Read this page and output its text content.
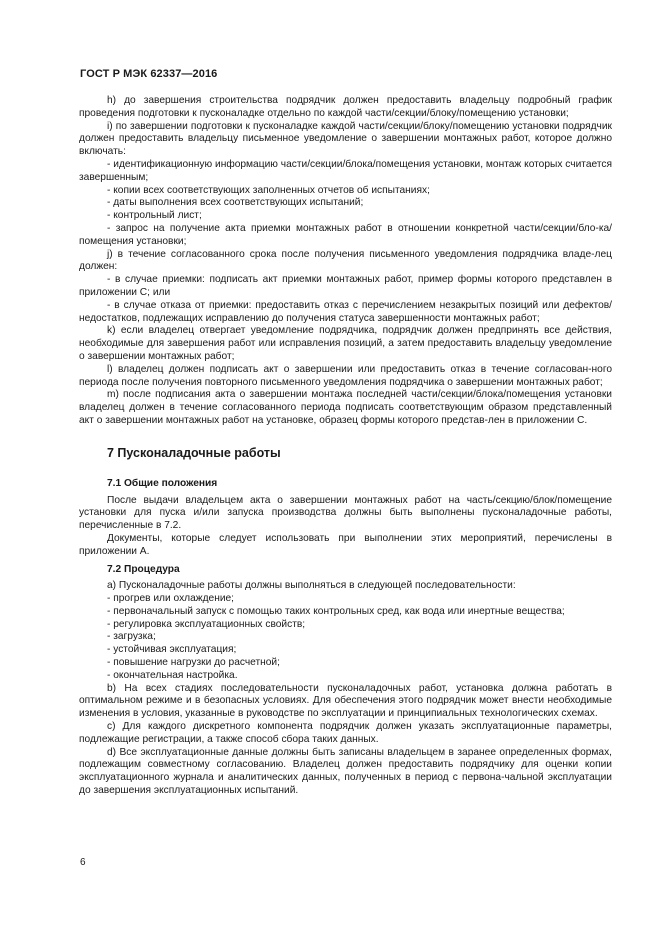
ГОСТ Р МЭК 62337—2016

h) до завершения строительства подрядчик должен предоставить владельцу подробный график проведения подготовки к пусконаладке отдельно по каждой части/секции/блоку/помещению установки;

i) по завершении подготовки к пусконаладке каждой части/секции/блоку/помещению установки подрядчик должен предоставить владельцу письменное уведомление о завершении монтажных работ, которое должно включать:

- идентификационную информацию части/секции/блока/помещения установки, монтаж которых считается завершенным;

- копии всех соответствующих заполненных отчетов об испытаниях;

- даты выполнения всех соответствующих испытаний;

- контрольный лист;

- запрос на получение акта приемки монтажных работ в отношении конкретной части/секции/бло-ка/помещения установки;

j) в течение согласованного срока после получения письменного уведомления подрядчика владе-лец должен:

- в случае приемки: подписать акт приемки монтажных работ, пример формы которого представлен в приложении С; или

- в случае отказа от приемки: предоставить отказ с перечислением незакрытых позиций или дефектов/недостатков, подлежащих исправлению до получения статуса завершенности монтажных работ;

k) если владелец отвергает уведомление подрядчика, подрядчик должен предпринять все действия, необходимые для завершения работ или исправления позиций, а затем предоставить владельцу уведомление о завершении монтажных работ;

l) владелец должен подписать акт о завершении или предоставить отказ в течение согласован-ного периода после получения повторного письменного уведомления подрядчика о завершении монтажных работ;

m) после подписания акта о завершении монтажа последней части/секции/блока/помещения установки владелец должен в течение согласованного периода подписать соответствующим образом представленный акт о завершении монтажных работ на установке, образец формы которого представ-лен в приложении С.

7 Пусконаладочные работы
7.1 Общие положения

После выдачи владельцем акта о завершении монтажных работ на часть/секцию/блок/помещение установки для пуска и/или запуска производства должны быть выполнены пусконаладочные работы, перечисленные в 7.2.

Документы, которые следует использовать при выполнении этих мероприятий, перечислены в приложении А.

7.2 Процедура

a) Пусконаладочные работы должны выполняться в следующей последовательности:

- прогрев или охлаждение;

- первоначальный запуск с помощью таких контрольных сред, как вода или инертные вещества;

- регулировка эксплуатационных свойств;

- загрузка;

- устойчивая эксплуатация;

- повышение нагрузки до расчетной;

- окончательная настройка.

b) На всех стадиях последовательности пусконаладочных работ, установка должна работать в оптимальном режиме и в безопасных условиях. Для обеспечения этого подрядчик может внести необходимые изменения в условия, указанные в руководстве по эксплуатации и принципиальных технологических схемах.

c) Для каждого дискретного компонента подрядчик должен указать эксплуатационные параметры, подлежащие регистрации, а также способ сбора таких данных.

d) Все эксплуатационные данные должны быть записаны владельцем в заранее определенных формах, подлежащим совместному согласованию. Владелец должен предоставить подрядчику для оценки копии эксплуатационного журнала и аналитических данных, полученных в период с первона-чальной эксплуатации до завершения эксплуатационных испытаний.

6
